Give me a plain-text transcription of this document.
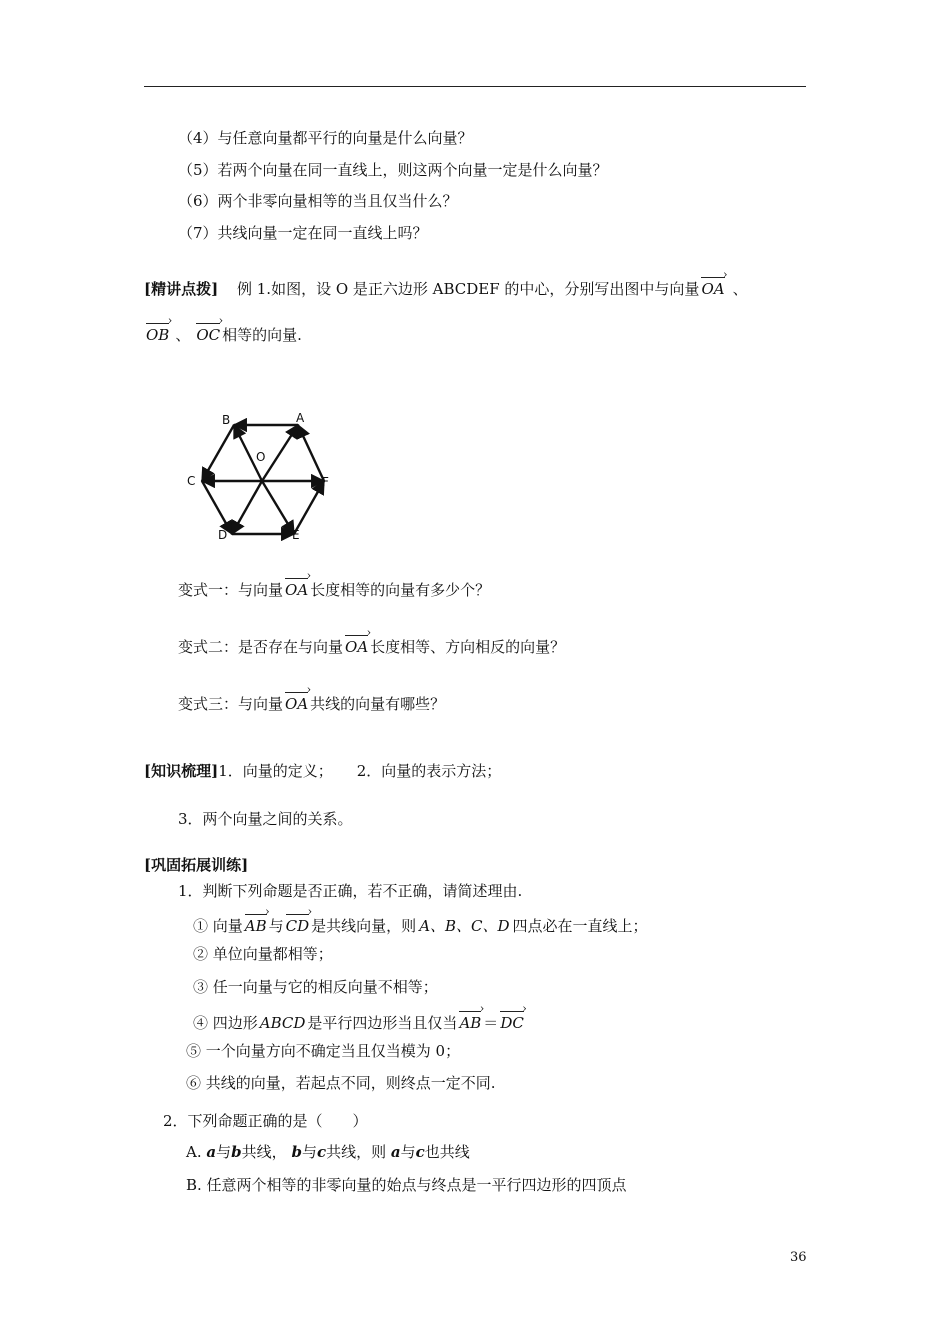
（4）与任意向量都平行的向量是什么向量？
（5）若两个向量在同一直线上，则这两个向量一定是什么向量？
（6）两个非零向量相等的当且仅当什么？
（7）共线向量一定在同一直线上吗？
[精讲点拨] 例 1.如图，设 O 是正六边形 ABCDEF 的中心，分别写出图中与向量 OA › 、
OB › 、 OC › 相等的向量.
B	A
O
C	F
D	E
变式一：与向量 OA › 长度相等的向量有多少个？
变式二：是否存在与向量 OA › 长度相等、方向相反的向量？
变式三：与向量 OA › 共线的向量有哪些？
[知识梳理]1．向量的定义； 2．向量的表示方法；
3．两个向量之间的关系。
[巩固拓展训练]
1．判断下列命题是否正确，若不正确，请简述理由.
① 向量 AB › 与 CD › 是共线向量，则 A、B、C、D 四点必在一直线上；
② 单位向量都相等；
③ 任一向量与它的相反向量不相等；
④ 四边形 ABCD 是平行四边形当且仅当 AB › ＝ DC ›
⑤ 一个向量方向不确定当且仅当模为 0；
⑥ 共线的向量，若起点不同，则终点一定不同.
2．下列命题正确的是（　　）
A. a与b共线， b与c共线，则 a与c也共线
B. 任意两个相等的非零向量的始点与终点是一平行四边形的四顶点
36
